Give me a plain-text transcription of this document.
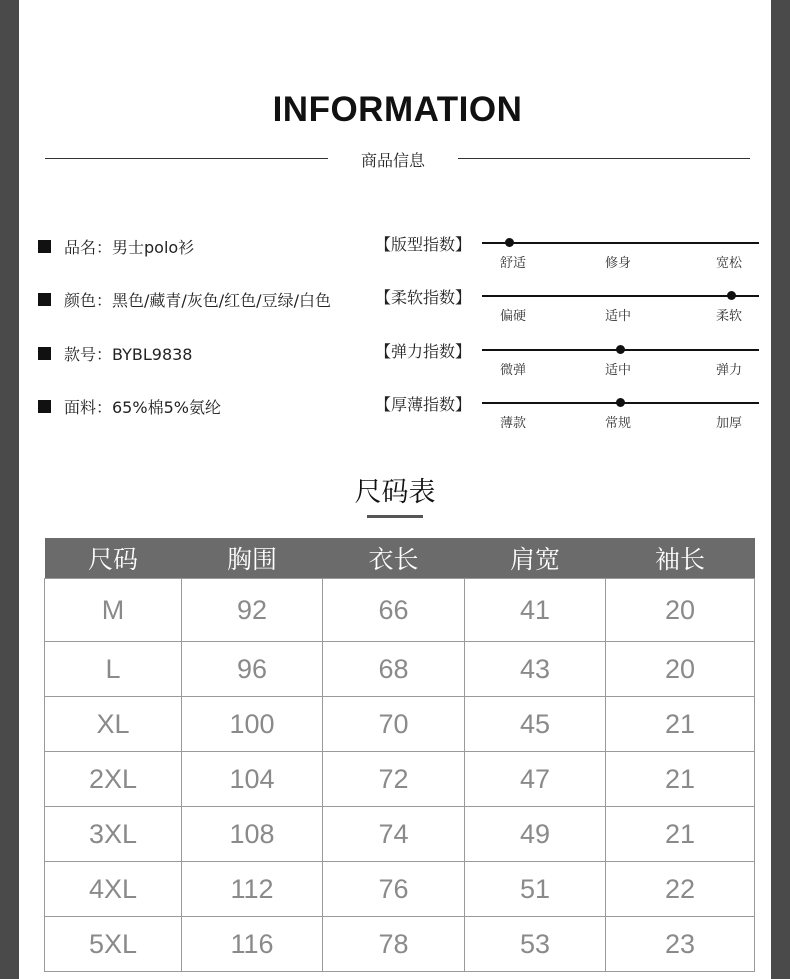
INFORMATION
商品信息
品名：男士polo衫
颜色：黑色/藏青/灰色/红色/豆绿/白色
款号：BYBL9838
面料：65%棉5%氨纶
【版型指数】
舒适	修身	宽松
【柔软指数】
偏硬	适中	柔软
【弹力指数】
微弹	适中	弹力
【厚薄指数】
薄款	常规	加厚
尺码表
尺码	胸围	衣长	肩宽	袖长
M	92	66	41	20
L	96	68	43	20
XL	100	70	45	21
2XL	104	72	47	21
3XL	108	74	49	21
4XL	112	76	51	22
5XL	116	78	53	23
